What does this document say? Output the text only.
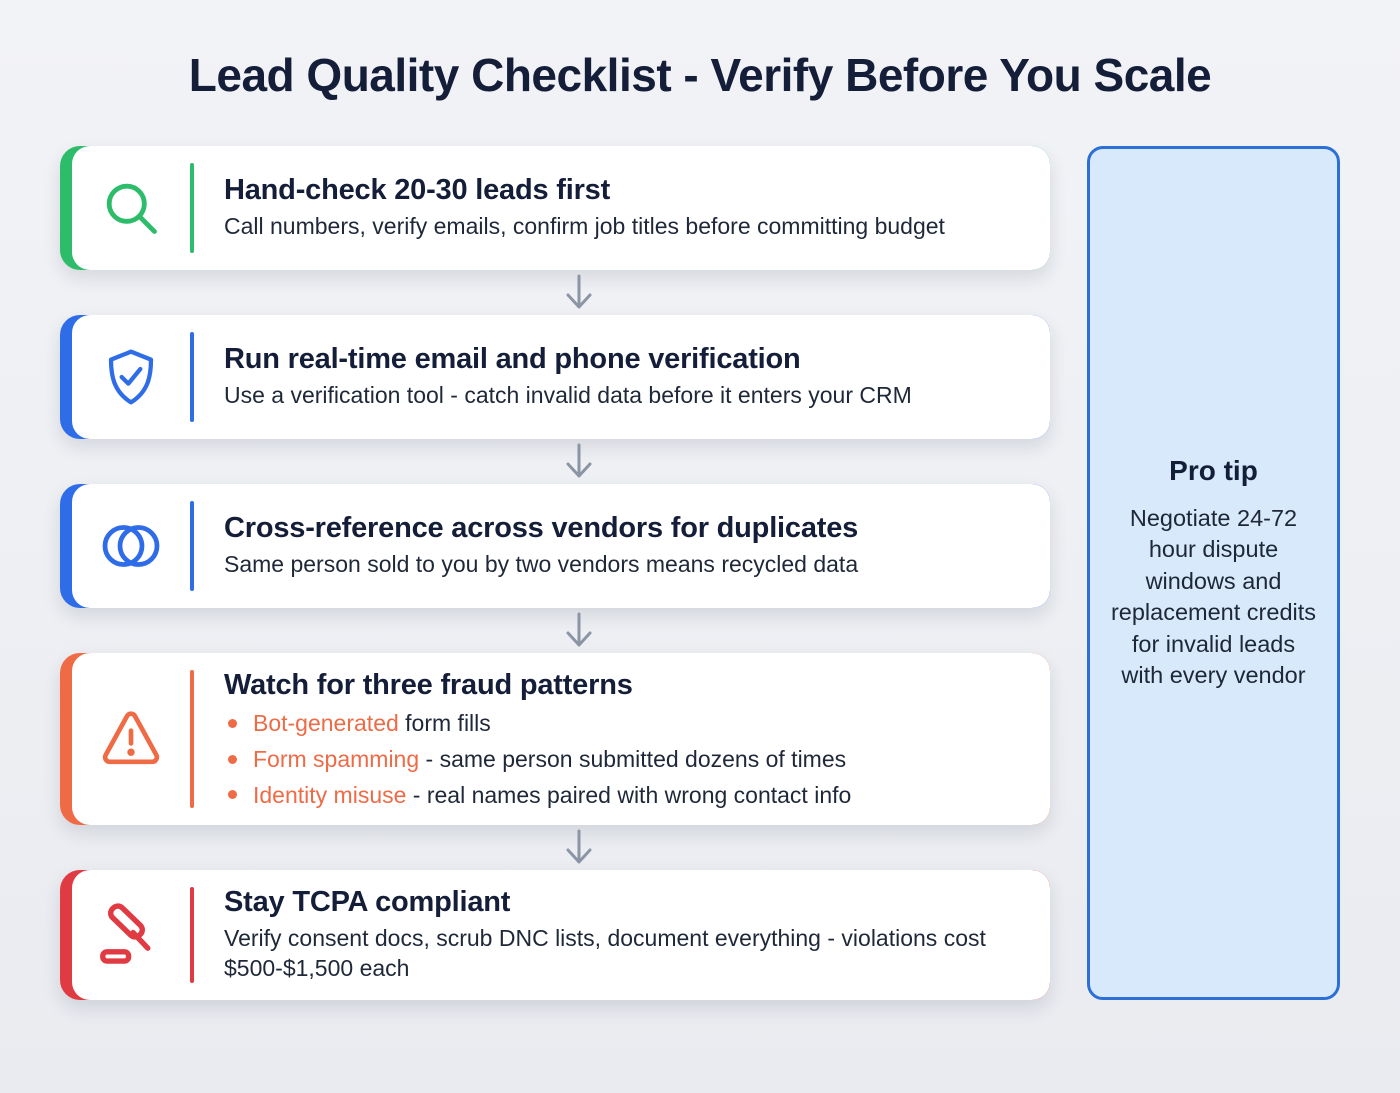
Lead Quality Checklist - Verify Before You Scale
Hand-check 20-30 leads first

Call numbers, verify emails, confirm job titles before committing budget

Run real-time email and phone verification

Use a verification tool - catch invalid data before it enters your CRM

Cross-reference across vendors for duplicates

Same person sold to you by two vendors means recycled data

Watch for three fraud patterns
Bot-generated form fills
Form spamming - same person submitted dozens of times
Identity misuse - real names paired with wrong contact info
Stay TCPA compliant

Verify consent docs, scrub DNC lists, document everything - violations cost $500-$1,500 each

Pro tip

Negotiate 24-72 hour dispute windows and replacement credits for invalid leads with every vendor
